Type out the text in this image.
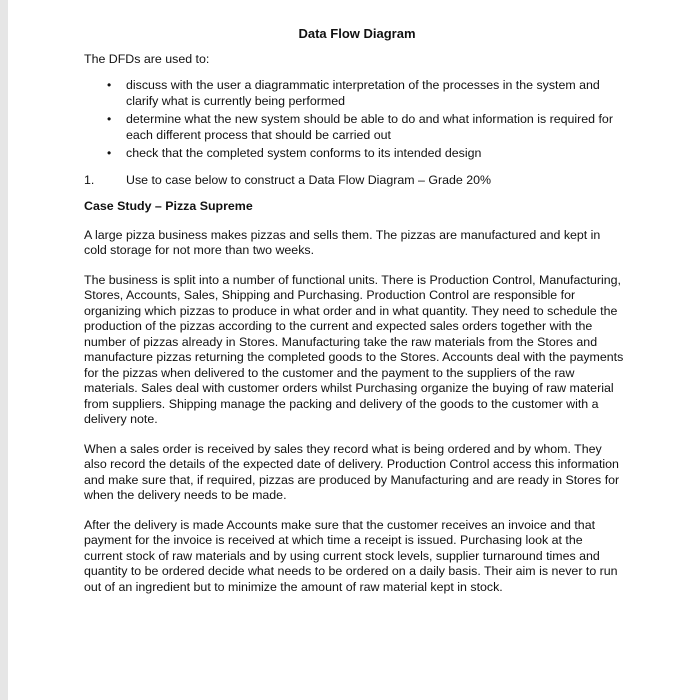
Data Flow Diagram
The DFDs are used to:
• discuss with the user a diagrammatic interpretation of the processes in the system and clarify what is currently being performed
• determine what the new system should be able to do and what information is required for each different process that should be carried out
• check that the completed system conforms to its intended design
1.	Use to case below to construct a Data Flow Diagram – Grade 20%
Case Study – Pizza Supreme

A large pizza business makes pizzas and sells them. The pizzas are manufactured and kept in cold storage for not more than two weeks.

The business is split into a number of functional units. There is Production Control, Manufacturing, Stores, Accounts, Sales, Shipping and Purchasing. Production Control are responsible for organizing which pizzas to produce in what order and in what quantity. They need to schedule the production of the pizzas according to the current and expected sales orders together with the number of pizzas already in Stores. Manufacturing take the raw materials from the Stores and manufacture pizzas returning the completed goods to the Stores. Accounts deal with the payments for the pizzas when delivered to the customer and the payment to the suppliers of the raw materials. Sales deal with customer orders whilst Purchasing organize the buying of raw material from suppliers. Shipping manage the packing and delivery of the goods to the customer with a delivery note.

When a sales order is received by sales they record what is being ordered and by whom. They also record the details of the expected date of delivery. Production Control access this information and make sure that, if required, pizzas are produced by Manufacturing and are ready in Stores for when the delivery needs to be made.

After the delivery is made Accounts make sure that the customer receives an invoice and that payment for the invoice is received at which time a receipt is issued. Purchasing look at the current stock of raw materials and by using current stock levels, supplier turnaround times and quantity to be ordered decide what needs to be ordered on a daily basis. Their aim is never to run out of an ingredient but to minimize the amount of raw material kept in stock.
